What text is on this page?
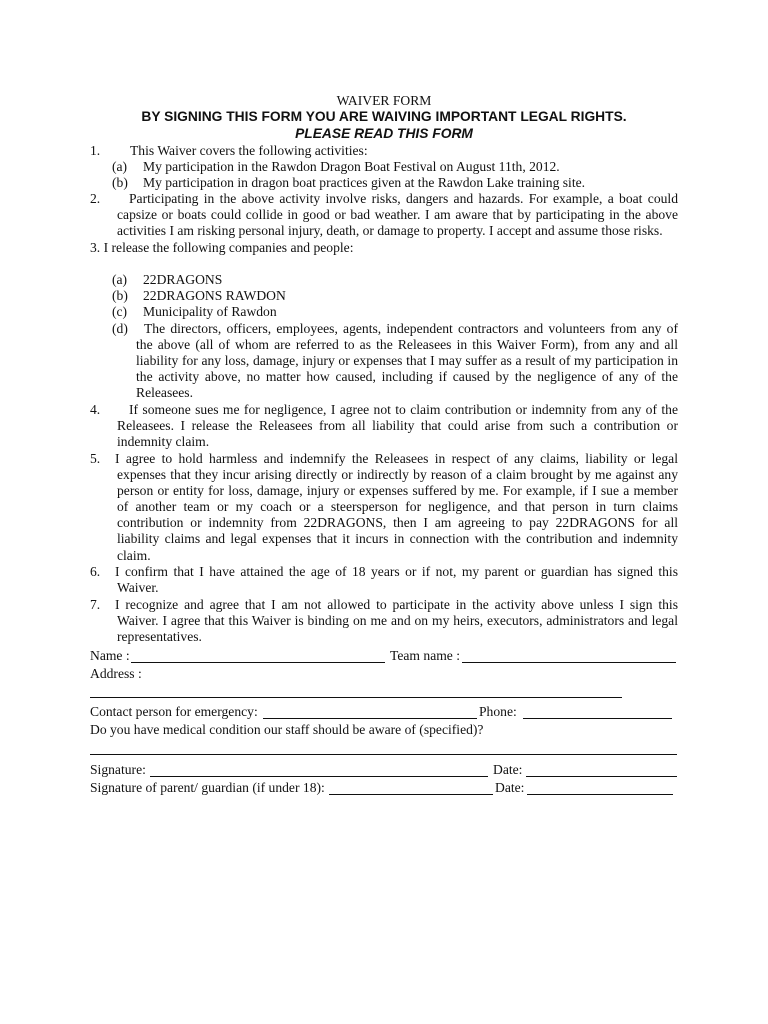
WAIVER FORM
BY SIGNING THIS FORM YOU ARE WAIVING IMPORTANT LEGAL RIGHTS.
PLEASE READ THIS FORM
1. This Waiver covers the following activities:
(a) My participation in the Rawdon Dragon Boat Festival on August 11th, 2012.
(b) My participation in dragon boat practices given at the Rawdon Lake training site.
2.	Participating in the above activity involve risks, dangers and hazards. For example, a boat could capsize or boats could collide in good or bad weather. I am aware that by participating in the above activities I am risking personal injury, death, or damage to property. I accept and assume those risks.
3. I release the following companies and people:
(a) 22DRAGONS
(b) 22DRAGONS RAWDON
(c) Municipality of Rawdon
(d)	The directors, officers, employees, agents, independent contractors and volunteers from any of the above (all of whom are referred to as the Releasees in this Waiver Form), from any and all liability for any loss, damage, injury or expenses that I may suffer as a result of my participation in the activity above, no matter how caused, including if caused by the negligence of any of the Releasees.
4.	If someone sues me for negligence, I agree not to claim contribution or indemnity from any of the Releasees. I release the Releasees from all liability that could arise from such a contribution or indemnity claim.
5. I agree to hold harmless and indemnify the Releasees in respect of any claims, liability or legal expenses that they incur arising directly or indirectly by reason of a claim brought by me against any person or entity for loss, damage, injury or expenses suffered by me. For example, if I sue a member of another team or my coach or a steersperson for negligence, and that person in turn claims contribution or indemnity from 22DRAGONS, then I am agreeing to pay 22DRAGONS for all liability claims and legal expenses that it incurs in connection with the contribution and indemnity claim.
6. I confirm that I have attained the age of 18 years or if not, my parent or guardian has signed this Waiver.
7. I recognize and agree that I am not allowed to participate in the activity above unless I sign this Waiver. I agree that this Waiver is binding on me and on my heirs, executors, administrators and legal representatives.
Name :	Team name :
Address :
Contact person for emergency:	Phone:
Do you have medical condition our staff should be aware of (specified)?
Signature:	Date:
Signature of parent/ guardian (if under 18):	Date:
